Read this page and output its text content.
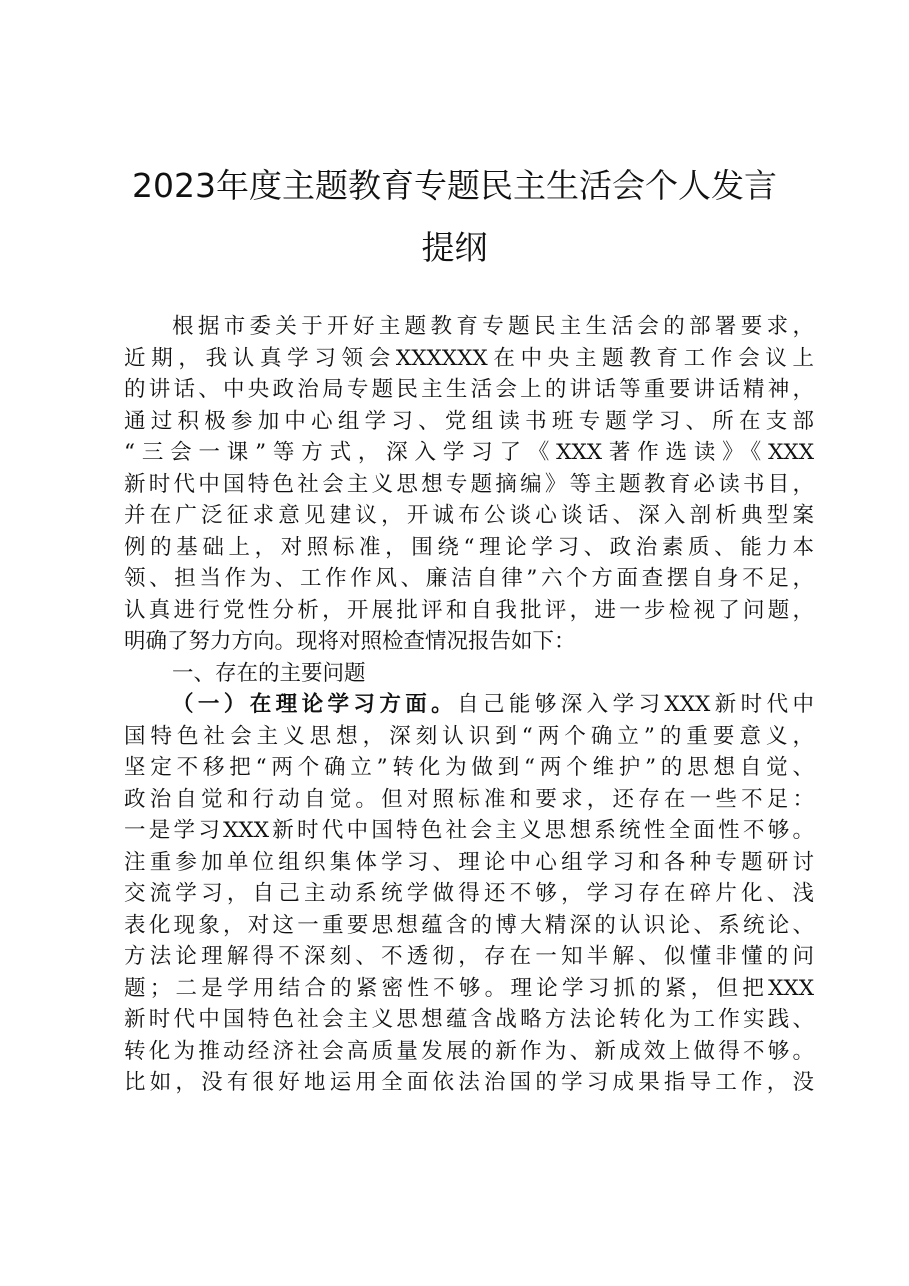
2023年度主题教育专题民主生活会个人发言
提纲
根据市委关于开好主题教育专题民主生活会的部署要求，
近期，我认真学习领会XXXXXX在中央主题教育工作会议上
的讲话、中央政治局专题民主生活会上的讲话等重要讲话精神，
通过积极参加中心组学习、党组读书班专题学习、所在支部
“三会一课”等方式，深入学习了《XXX著作选读》《XXX
新时代中国特色社会主义思想专题摘编》等主题教育必读书目，
并在广泛征求意见建议，开诚布公谈心谈话、深入剖析典型案
例的基础上，对照标准，围绕“理论学习、政治素质、能力本
领、担当作为、工作作风、廉洁自律”六个方面查摆自身不足，
认真进行党性分析，开展批评和自我批评，进一步检视了问题，
明确了努力方向。现将对照检查情况报告如下：
一、存在的主要问题
（一）在理论学习方面。自己能够深入学习XXX新时代中
国特色社会主义思想，深刻认识到“两个确立”的重要意义，
坚定不移把“两个确立”转化为做到“两个维护”的思想自觉、
政治自觉和行动自觉。但对照标准和要求，还存在一些不足：
一是学习XXX新时代中国特色社会主义思想系统性全面性不够。
注重参加单位组织集体学习、理论中心组学习和各种专题研讨
交流学习，自己主动系统学做得还不够，学习存在碎片化、浅
表化现象，对这一重要思想蕴含的博大精深的认识论、系统论、
方法论理解得不深刻、不透彻，存在一知半解、似懂非懂的问
题；二是学用结合的紧密性不够。理论学习抓的紧，但把XXX
新时代中国特色社会主义思想蕴含战略方法论转化为工作实践、
转化为推动经济社会高质量发展的新作为、新成效上做得不够。
比如，没有很好地运用全面依法治国的学习成果指导工作，没
